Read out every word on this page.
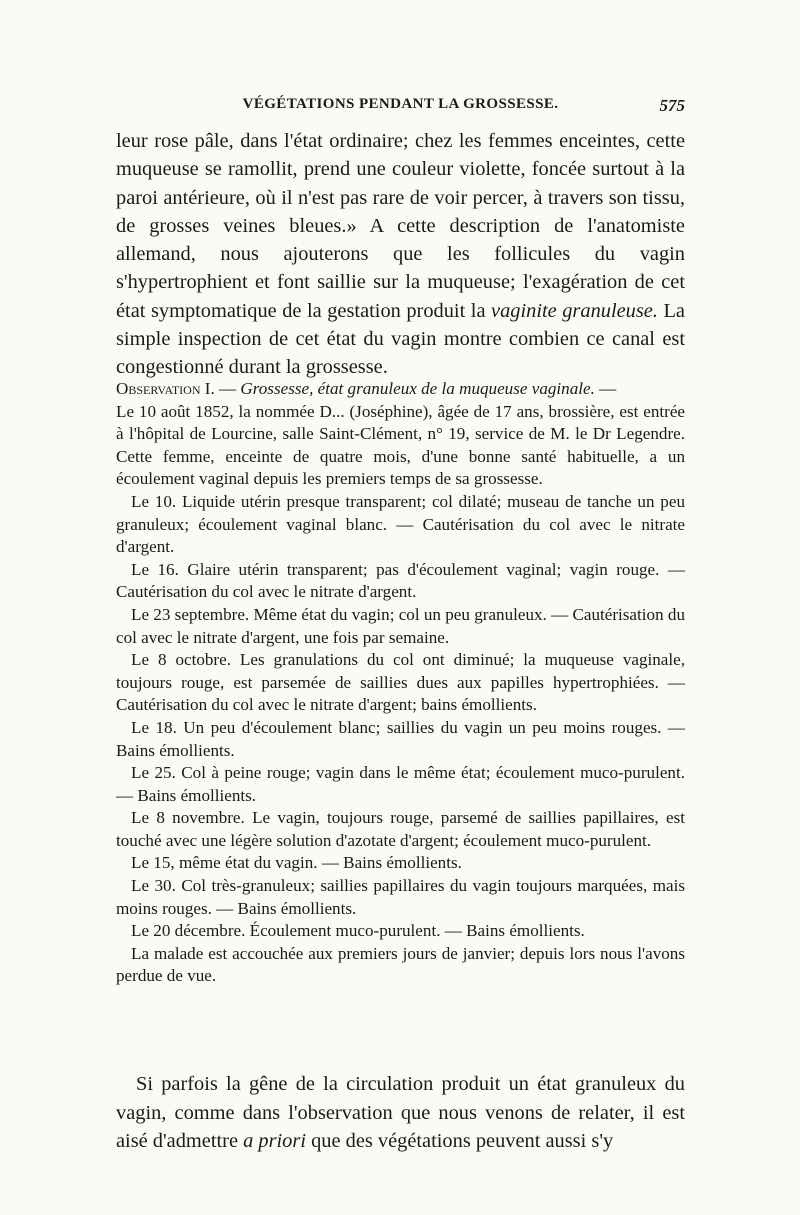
VÉGÉTATIONS PENDANT LA GROSSESSE.	575

leur rose pâle, dans l'état ordinaire; chez les femmes enceintes, cette muqueuse se ramollit, prend une couleur violette, foncée surtout à la paroi antérieure, où il n'est pas rare de voir percer, à travers son tissu, de grosses veines bleues.» A cette description de l'anatomiste allemand, nous ajouterons que les follicules du vagin s'hypertrophient et font saillie sur la muqueuse; l'exagération de cet état symptomatique de la gestation produit la vaginite granuleuse. La simple inspection de cet état du vagin montre combien ce canal est congestionné durant la grossesse.

Observation I. — Grossesse, état granuleux de la muqueuse vaginale. —
Le 10 août 1852, la nommée D... (Joséphine), âgée de 17 ans, brossière, est entrée à l'hôpital de Lourcine, salle Saint-Clément, n° 19, service de M. le Dr Legendre. Cette femme, enceinte de quatre mois, d'une bonne santé habituelle, a un écoulement vaginal depuis les premiers temps de sa grossesse.

Le 10. Liquide utérin presque transparent; col dilaté; museau de tanche un peu granuleux; écoulement vaginal blanc. — Cautérisation du col avec le nitrate d'argent.

Le 16. Glaire utérin transparent; pas d'écoulement vaginal; vagin rouge. — Cautérisation du col avec le nitrate d'argent.

Le 23 septembre. Même état du vagin; col un peu granuleux. — Cautérisation du col avec le nitrate d'argent, une fois par semaine.

Le 8 octobre. Les granulations du col ont diminué; la muqueuse vaginale, toujours rouge, est parsemée de saillies dues aux papilles hypertrophiées. — Cautérisation du col avec le nitrate d'argent; bains émollients.

Le 18. Un peu d'écoulement blanc; saillies du vagin un peu moins rouges. — Bains émollients.

Le 25. Col à peine rouge; vagin dans le même état; écoulement muco-purulent. — Bains émollients.

Le 8 novembre. Le vagin, toujours rouge, parsemé de saillies papillaires, est touché avec une légère solution d'azotate d'argent; écoulement muco-purulent.

Le 15, même état du vagin. — Bains émollients.

Le 30. Col très-granuleux; saillies papillaires du vagin toujours marquées, mais moins rouges. — Bains émollients.

Le 20 décembre. Écoulement muco-purulent. — Bains émollients.

La malade est accouchée aux premiers jours de janvier; depuis lors nous l'avons perdue de vue.

Si parfois la gêne de la circulation produit un état granuleux du vagin, comme dans l'observation que nous venons de relater, il est aisé d'admettre a priori que des végétations peuvent aussi s'y
